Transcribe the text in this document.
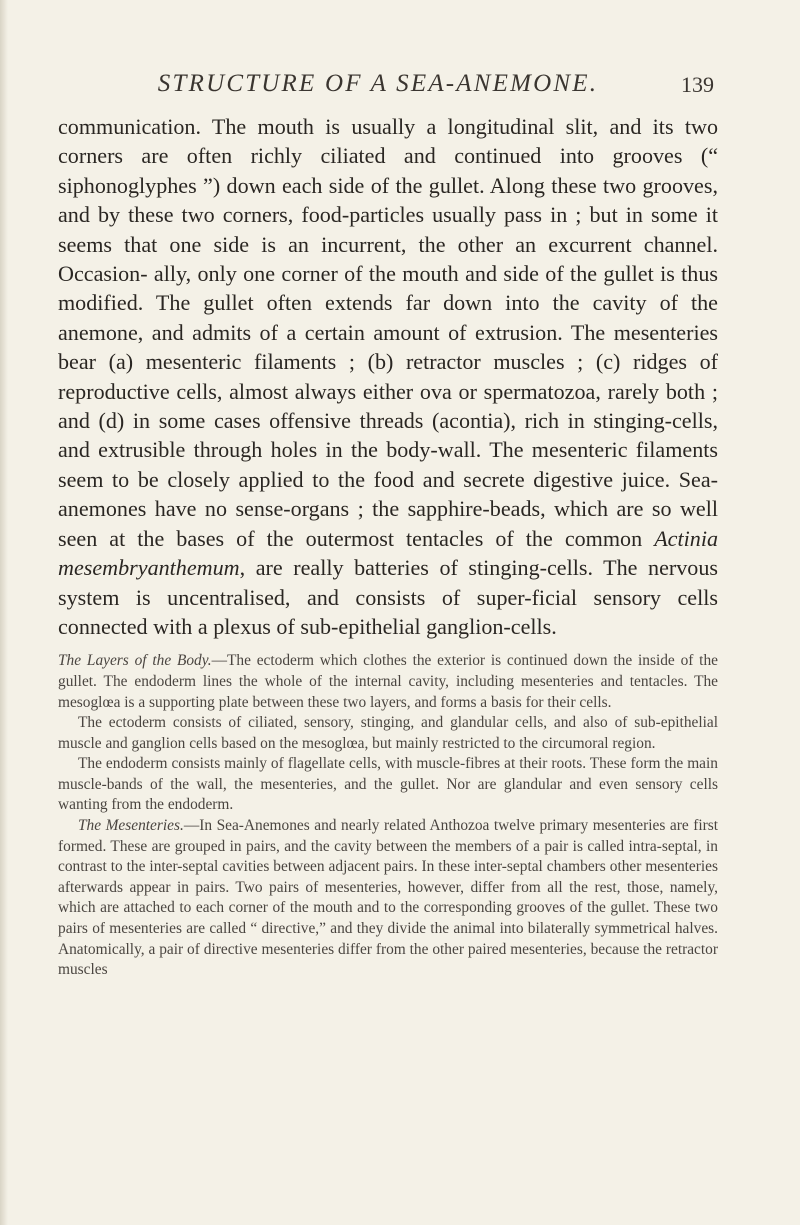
STRUCTURE OF A SEA-ANEMONE.	139

communication. The mouth is usually a longitudinal slit, and its two corners are often richly ciliated and continued into grooves (“ siphonoglyphes ”) down each side of the gullet. Along these two grooves, and by these two corners, food-particles usually pass in ; but in some it seems that one side is an incurrent, the other an excurrent channel. Occasion- ally, only one corner of the mouth and side of the gullet is thus modified. The gullet often extends far down into the cavity of the anemone, and admits of a certain amount of extrusion. The mesenteries bear (a) mesenteric filaments ; (b) retractor muscles ; (c) ridges of reproductive cells, almost always either ova or spermatozoa, rarely both ; and (d) in some cases offensive threads (acontia), rich in stinging-cells, and extrusible through holes in the body-wall. The mesenteric filaments seem to be closely applied to the food and secrete digestive juice. Sea-anemones have no sense-organs ; the sapphire-beads, which are so well seen at the bases of the outermost tentacles of the common Actinia mesembryanthemum, are really batteries of stinging-cells. The nervous system is uncentralised, and consists of super-ficial sensory cells connected with a plexus of sub-epithelial ganglion-cells.

The Layers of the Body.—The ectoderm which clothes the exterior is continued down the inside of the gullet. The endoderm lines the whole of the internal cavity, including mesenteries and tentacles. The mesoglœa is a supporting plate between these two layers, and forms a basis for their cells.

The ectoderm consists of ciliated, sensory, stinging, and glandular cells, and also of sub-epithelial muscle and ganglion cells based on the mesoglœa, but mainly restricted to the circumoral region.

The endoderm consists mainly of flagellate cells, with muscle-fibres at their roots. These form the main muscle-bands of the wall, the mesenteries, and the gullet. Nor are glandular and even sensory cells wanting from the endoderm.

The Mesenteries.—In Sea-Anemones and nearly related Anthozoa twelve primary mesenteries are first formed. These are grouped in pairs, and the cavity between the members of a pair is called intra-septal, in contrast to the inter-septal cavities between adjacent pairs. In these inter-septal chambers other mesenteries afterwards appear in pairs. Two pairs of mesenteries, however, differ from all the rest, those, namely, which are attached to each corner of the mouth and to the corresponding grooves of the gullet. These two pairs of mesenteries are called “ directive,” and they divide the animal into bilaterally symmetrical halves. Anatomically, a pair of directive mesenteries differ from the other paired mesenteries, because the retractor muscles
